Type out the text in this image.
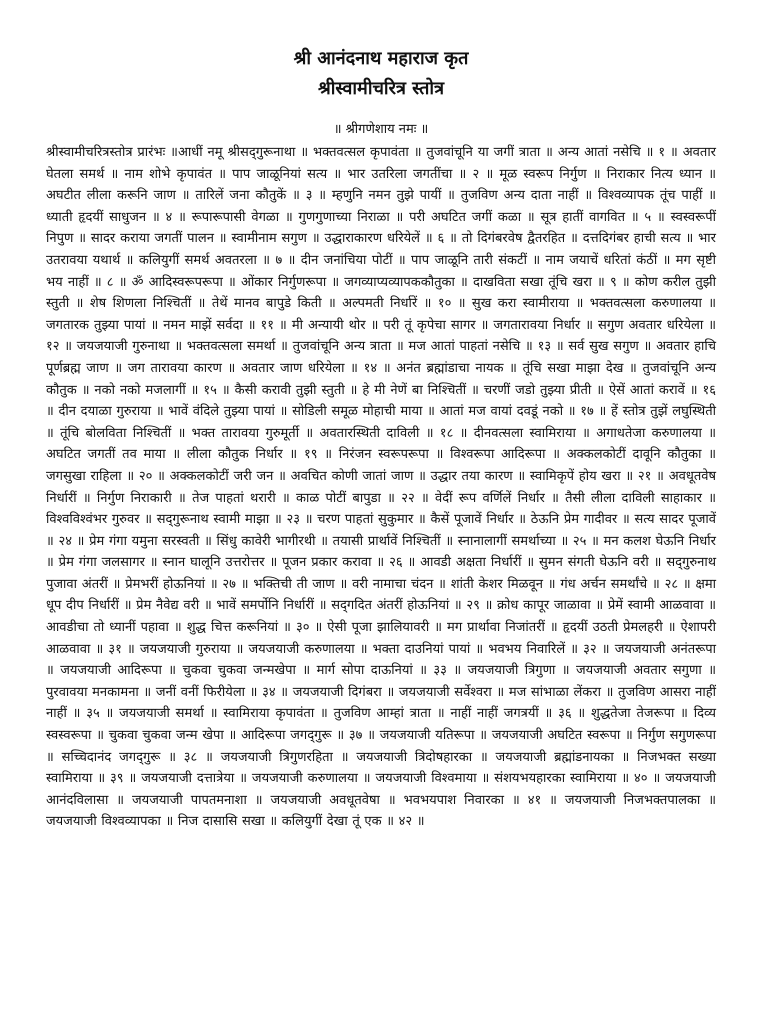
श्री आनंदनाथ महाराज कृत
श्रीस्वामीचरित्र स्तोत्र

॥ श्रीगणेशाय नमः ॥

श्रीस्वामीचरित्रस्तोत्र प्रारंभः ॥आधीं नमू श्रीसद्‌गुरूनाथा ॥ भक्तवत्सल कृपावंता ॥ तुजवांचूनि या जगीं त्राता ॥ अन्य आतां नसेचि ॥ १ ॥ अवतार घेतला समर्थ ॥ नाम शोभे कृपावंत ॥ पाप जाळूनियां सत्य ॥ भार उतरिला जगतींचा ॥ २ ॥ मूळ स्वरूप निर्गुण ॥ निराकार नित्य ध्यान ॥ अघटीत लीला करूनि जाण ॥ तारिलें जना कौतुकें ॥ ३ ॥ म्हणुनि नमन तुझे पायीं ॥ तुजविण अन्य दाता नाहीं ॥ विश्वव्यापक तूंच पाहीं ॥ ध्याती हृदयीं साधुजन ॥ ४ ॥ रूपारूपासी वेगळा ॥ गुणगुणाच्या निराळा ॥ परी अघटित जगीं कळा ॥ सूत्र हातीं वागवित ॥ ५ ॥ स्वस्वरूपीं निपुण ॥ सादर कराया जगतीं पालन ॥ स्वामीनाम सगुण ॥ उद्धाराकारण धरियेलें ॥ ६ ॥ तो दिगंबरवेष द्वैतरहित ॥ दत्तदिगंबर हाची सत्य ॥ भार उतरावया यथार्थ ॥ कलियुगीं समर्थ अवतरला ॥ ७ ॥ दीन जनांचिया पोटीं ॥ पाप जाळूनि तारी संकटीं ॥ नाम जयाचें धरितां कंठीं ॥ मग सृष्टी भय नाहीं ॥ ८ ॥ ॐ आदिस्वरूपरूपा ॥ ओंकार निर्गुणरूपा ॥ जगव्याप्यव्यापककौतुका ॥ दाखविता सखा तूंचि खरा ॥ ९ ॥ कोण करील तुझी स्तुती ॥ शेष शिणला निश्चितीं ॥ तेथें मानव बापुडे किती ॥ अल्पमती निर्धारें ॥ १० ॥ सुख करा स्वामीराया ॥ भक्तवत्सला करुणालया ॥ जगतारक तुझ्या पायां ॥ नमन माझें सर्वदा ॥ ११ ॥ मी अन्यायी थोर ॥ परी तूं कृपेचा सागर ॥ जगतारावया निर्धार ॥ सगुण अवतार धरियेला ॥ १२ ॥ जयजयाजी गुरुनाथा ॥ भक्तवत्सला समर्था ॥ तुजवांचूनि अन्य त्राता ॥ मज आतां पाहतां नसेचि ॥ १३ ॥ सर्व सुख सगुण ॥ अवतार हाचि पूर्णब्रह्म जाण ॥ जग तारावया कारण ॥ अवतार जाण धरियेला ॥ १४ ॥ अनंत ब्रह्मांडाचा नायक ॥ तूंचि सखा माझा देख ॥ तुजवांचूनि अन्य कौतुक ॥ नको नको मजलागीं ॥ १५ ॥ कैसी करावी तुझी स्तुती ॥ हे मी नेणें बा निश्चितीं ॥ चरणीं जडो तुझ्या प्रीती ॥ ऐसें आतां करावें ॥ १६ ॥ दीन दयाळा गुरुराया ॥ भावें वंदिले तुझ्या पायां ॥ सोडिली समूळ मोहाची माया ॥ आतां मज वायां दवडूं नको ॥ १७ ॥ हें स्तोत्र तुझें लघुस्थिती ॥ तूंचि बोलविता निश्चितीं ॥ भक्त तारावया गुरुमूर्ती ॥ अवतारस्थिती दाविली ॥ १८ ॥ दीनवत्सला स्वामिराया ॥ अगाधतेजा करुणालया ॥ अघटित जगतीं तव माया ॥ लीला कौतुक निर्धार ॥ १९ ॥ निरंजन स्वरूपरूपा ॥ विश्वरूपा आदिरूपा ॥ अक्कलकोटीं दावूनि कौतुका ॥ जगसुखा राहिला ॥ २० ॥ अक्कलकोटीं जरी जन ॥ अवचित कोणी जातां जाण ॥ उद्धार तया कारण ॥ स्वामिकृपें होय खरा ॥ २१ ॥ अवधूतवेष निर्धारीं ॥ निर्गुण निराकारी ॥ तेज पाहतां थरारी ॥ काळ पोटीं बापुडा ॥ २२ ॥ वेदीं रूप वर्णिलें निर्धार ॥ तैसी लीला दाविली साहाकार ॥ विश्वविश्वंभर गुरुवर ॥ सद्‌गुरूनाथ स्वामी माझा ॥ २३ ॥ चरण पाहतां सुकुमार ॥ कैसें पूजावें निर्धार ॥ ठेऊनि प्रेम गादीवर ॥ सत्य सादर पूजावें ॥ २४ ॥ प्रेम गंगा यमुना सरस्वती ॥ सिंधु कावेरी भागीरथी ॥ तयासी प्रार्थावें निश्चितीं ॥ स्नानालागीं समर्थाच्या ॥ २५ ॥ मन कलश घेऊनि निर्धार ॥ प्रेम गंगा जलसागर ॥ स्नान घालूनि उत्तरोत्तर ॥ पूजन प्रकार करावा ॥ २६ ॥ आवडी अक्षता निर्धारीं ॥ सुमन संगती घेऊनि वरी ॥ सद्‌गुरुनाथ पुजावा अंतरीं ॥ प्रेमभरीं होऊनियां ॥ २७ ॥ भक्तिची ती जाण ॥ वरी नामाचा चंदन ॥ शांती केशर मिळवून ॥ गंध अर्चन समर्थांचे ॥ २८ ॥ क्षमा धूप दीप निर्धारीं ॥ प्रेम नैवेद्य वरी ॥ भावें समर्पोनि निर्धारीं ॥ सद्‌गदित अंतरीं होऊनियां ॥ २९ ॥ क्रोध कापूर जाळावा ॥ प्रेमें स्वामी आळवावा ॥ आवडीचा तो ध्यानीं पहावा ॥ शुद्ध चित्त करूनियां ॥ ३० ॥ ऐसी पूजा झालियावरी ॥ मग प्रार्थावा निजांतरीं ॥ हृदयीं उठती प्रेमलहरी ॥ ऐशापरी आळवावा ॥ ३१ ॥ जयजयाजी गुरुराया ॥ जयजयाजी करुणालया ॥ भक्ता दाउनियां पायां ॥ भवभय निवारिलें ॥ ३२ ॥ जयजयाजी अनंतरूपा ॥ जयजयाजी आदिरूपा ॥ चुकवा चुकवा जन्मखेपा ॥ मार्ग सोपा दाऊनियां ॥ ३३ ॥ जयजयाजी त्रिगुणा ॥ जयजयाजी अवतार सगुणा ॥ पुरवावया मनकामना ॥ जनीं वनीं फिरीयेला ॥ ३४ ॥ जयजयाजी दिगंबरा ॥ जयजयाजी सर्वेश्वरा ॥ मज सांभाळा लेंकरा ॥ तुजविण आसरा नाहीं नाहीं ॥ ३५ ॥ जयजयाजी समर्था ॥ स्वामिराया कृपावंता ॥ तुजविण आम्हां त्राता ॥ नाहीं नाहीं जगत्रयीं ॥ ३६ ॥ शुद्धतेजा तेजरूपा ॥ दिव्य स्वस्वरूपा ॥ चुकवा चुकवा जन्म खेपा ॥ आदिरूपा जगद्‌गुरू ॥ ३७ ॥ जयजयाजी यतिरूपा ॥ जयजयाजी अघटित स्वरूपा ॥ निर्गुण सगुणरूपा ॥ सच्चिदानंद जगद्‌गुरू ॥ ३८ ॥ जयजयाजी त्रिगुणरहिता ॥ जयजयाजी त्रिदोषहारका ॥ जयजयाजी ब्रह्मांडनायका ॥ निजभक्त सख्या स्वामिराया ॥ ३९ ॥ जयजयाजी दत्तात्रेया ॥ जयजयाजी करुणालया ॥ जयजयाजी विश्वमाया ॥ संशयभयहारका स्वामिराया ॥ ४० ॥ जयजयाजी आनंदविलासा ॥ जयजयाजी पापतमनाशा ॥ जयजयाजी अवधूतवेषा ॥ भवभयपाश निवारका ॥ ४१ ॥ जयजयाजी निजभक्तपालका ॥ जयजयाजी विश्वव्यापका ॥ निज दासासि सखा ॥ कलियुगीं देखा तूं एक ॥ ४२ ॥
